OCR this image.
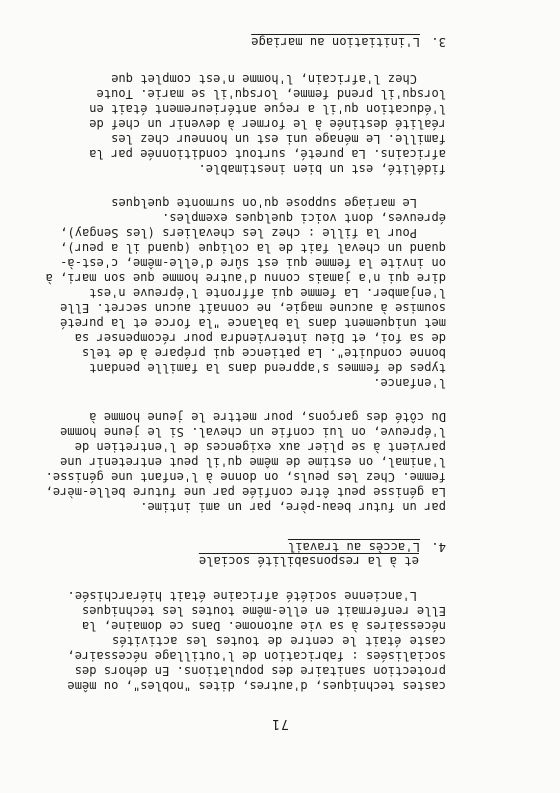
71
3. L'initiation au mariage
Chez l'africain, l'homme n'est complet que
lorsqu'il prend femme, lorsqu'il se marie. Toute
l'éducation qu'il a reçue antérieurement était en
réalité destinée à le former à devenir un chef de
famille. Le ménage uni est un honneur chez les
africains. La pureté, surtout conditionnée par la
fidélité, est un bien inestimable.
Le mariage suppose qu'on surmonte quelques
épreuves, dont voici quelques exemples.
Pour la fille : chez les chevaliers (les Sengay),
quand un cheval fait de la colique (quand il a peur),
on invite la femme qui est sûre d'elle-même, c'est-à-
dire qui n'a jamais connu d'autre homme que son mari, à
l'enjamber. La femme qui affronte l'épreuve n'est
soumise à aucune magie, ne connaît aucun secret. Elle
met uniquement dans la balance "la force et la pureté
de sa foi, et Dieu interviendra pour récompenser sa
bonne conduite". La patience qui prépare à de tels
types de femmes s'apprend dans la famille pendant
l'enfance.
Du côté des garçons, pour mettre le jeune homme à
l'épreuve, on lui confie un cheval. Si le jeune homme
parvient à se plier aux exigences de l'entretien de
l'animal, on estime de même qu'il peut entretenir une
femme. Chez les peuls, on donne à l'enfant une génisse.
La génisse peut être confiée par une future belle-mère,
par un futur beau-père, par un ami intime.
4. L'accès au travail
et à la responsabilité sociale
L'ancienne société africaine était hiérarchisée.
Elle renfermait en elle-même toutes les techniques
nécessaires à sa vie autonome. Dans ce domaine, la
caste était le centre de toutes les activités
socialisées : fabrication de l'outillage nécessaire,
protection sanitaire des populations. En dehors des
castes techniques, d'autres, dites "nobles", ou même
